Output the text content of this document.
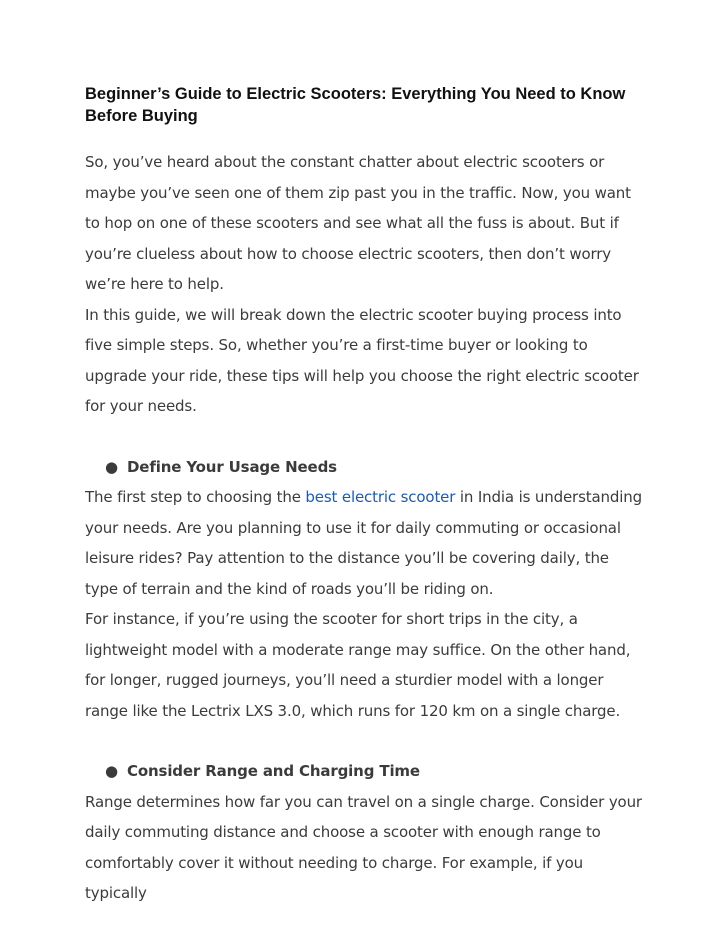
Beginner’s Guide to Electric Scooters: Everything You Need to Know Before Buying

So, you’ve heard about the constant chatter about electric scooters or maybe you’ve seen one of them zip past you in the traffic. Now, you want to hop on one of these scooters and see what all the fuss is about. But if you’re clueless about how to choose electric scooters, then don’t worry we’re here to help.

In this guide, we will break down the electric scooter buying process into five simple steps. So, whether you’re a first-time buyer or looking to upgrade your ride, these tips will help you choose the right electric scooter for your needs.

● Define Your Usage Needs

The first step to choosing the best electric scooter in India is understanding your needs. Are you planning to use it for daily commuting or occasional leisure rides? Pay attention to the distance you’ll be covering daily, the type of terrain and the kind of roads you’ll be riding on.

For instance, if you’re using the scooter for short trips in the city, a lightweight model with a moderate range may suffice. On the other hand, for longer, rugged journeys, you’ll need a sturdier model with a longer range like the Lectrix LXS 3.0, which runs for 120 km on a single charge.

● Consider Range and Charging Time

Range determines how far you can travel on a single charge. Consider your daily commuting distance and choose a scooter with enough range to comfortably cover it without needing to charge. For example, if you typically
